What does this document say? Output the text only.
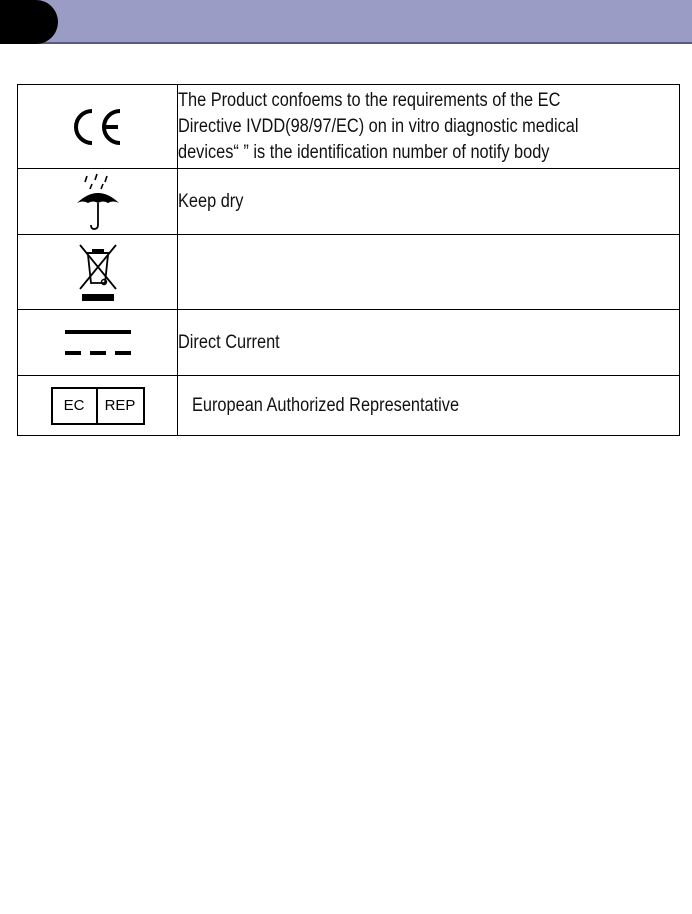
The Product confoems to the requirements of the EC
Directive IVDD(98/97/EC) on in vitro diagnostic medical
devices“ ” is the identification number of notify body

	Keep dry

	Direct Current

EC REP	European Authorized Representative
